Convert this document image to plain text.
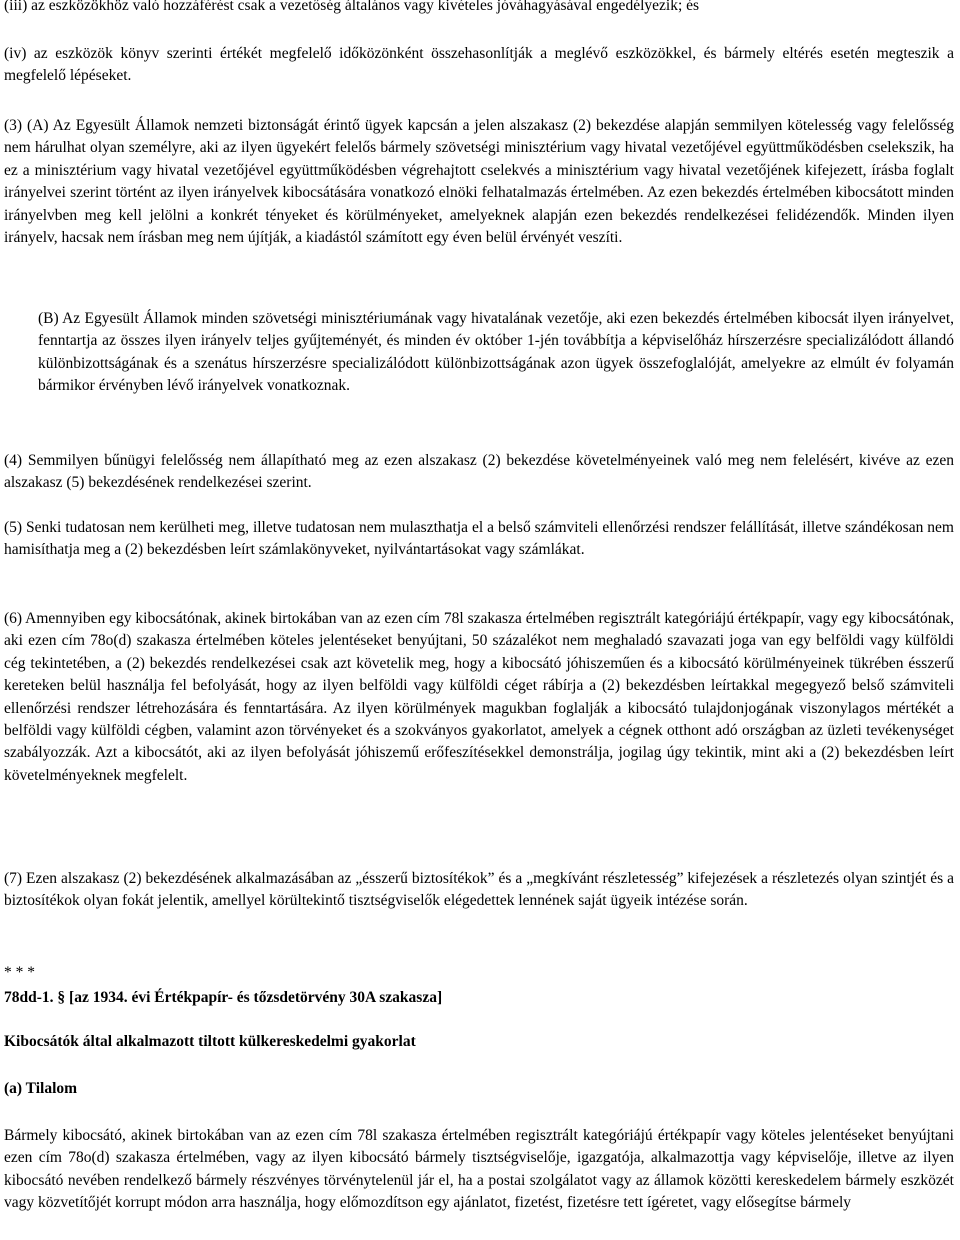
(iii) az eszközökhöz való hozzáférést csak a vezetőség általános vagy kivételes jóváhagyásával engedélyezik; és

(iv) az eszközök könyv szerinti értékét megfelelő időközönként összehasonlítják a meglévő eszközökkel, és bármely eltérés esetén megteszik a megfelelő lépéseket.

(3) (A) Az Egyesült Államok nemzeti biztonságát érintő ügyek kapcsán a jelen alszakasz (2) bekezdése alapján semmilyen kötelesség vagy felelősség nem hárulhat olyan személyre, aki az ilyen ügyekért felelős bármely szövetségi minisztérium vagy hivatal vezetőjével együttműködésben cselekszik, ha ez a minisztérium vagy hivatal vezetőjével együttműködésben végrehajtott cselekvés a minisztérium vagy hivatal vezetőjének kifejezett, írásba foglalt irányelvei szerint történt az ilyen irányelvek kibocsátására vonatkozó elnöki felhatalmazás értelmében. Az ezen bekezdés értelmében kibocsátott minden irányelvben meg kell jelölni a konkrét tényeket és körülményeket, amelyeknek alapján ezen bekezdés rendelkezései felidézendők. Minden ilyen irányelv, hacsak nem írásban meg nem újítják, a kiadástól számított egy éven belül érvényét veszíti.

(B) Az Egyesült Államok minden szövetségi minisztériumának vagy hivatalának vezetője, aki ezen bekezdés értelmében kibocsát ilyen irányelvet, fenntartja az összes ilyen irányelv teljes gyűjteményét, és minden év október 1-jén továbbítja a képviselőház hírszerzésre specializálódott állandó különbizottságának és a szenátus hírszerzésre specializálódott különbizottságának azon ügyek összefoglalóját, amelyekre az elmúlt év folyamán bármikor érvényben lévő irányelvek vonatkoznak.

(4) Semmilyen bűnügyi felelősség nem állapítható meg az ezen alszakasz (2) bekezdése követelményeinek való meg nem felelésért, kivéve az ezen alszakasz (5) bekezdésének rendelkezései szerint.

(5) Senki tudatosan nem kerülheti meg, illetve tudatosan nem mulaszthatja el a belső számviteli ellenőrzési rendszer felállítását, illetve szándékosan nem hamisíthatja meg a (2) bekezdésben leírt számlakönyveket, nyilvántartásokat vagy számlákat.

(6) Amennyiben egy kibocsátónak, akinek birtokában van az ezen cím 78l szakasza értelmében regisztrált kategóriájú értékpapír, vagy egy kibocsátónak, aki ezen cím 78o(d) szakasza értelmében köteles jelentéseket benyújtani, 50 százalékot nem meghaladó szavazati joga van egy belföldi vagy külföldi cég tekintetében, a (2) bekezdés rendelkezései csak azt követelik meg, hogy a kibocsátó jóhiszeműen és a kibocsátó körülményeinek tükrében ésszerű kereteken belül használja fel befolyását, hogy az ilyen belföldi vagy külföldi céget rábírja a (2) bekezdésben leírtakkal megegyező belső számviteli ellenőrzési rendszer létrehozására és fenntartására. Az ilyen körülmények magukban foglalják a kibocsátó tulajdonjogának viszonylagos mértékét a belföldi vagy külföldi cégben, valamint azon törvényeket és a szokványos gyakorlatot, amelyek a cégnek otthont adó országban az üzleti tevékenységet szabályozzák. Azt a kibocsátót, aki az ilyen befolyását jóhiszemű erőfeszítésekkel demonstrálja, jogilag úgy tekintik, mint aki a (2) bekezdésben leírt követelményeknek megfelelt.

(7) Ezen alszakasz (2) bekezdésének alkalmazásában az „ésszerű biztosítékok” és a „megkívánt részletesség” kifejezések a részletezés olyan szintjét és a biztosítékok olyan fokát jelentik, amellyel körültekintő tisztségviselők elégedettek lennének saját ügyeik intézése során.

* * *

78dd-1. § [az 1934. évi Értékpapír- és tőzsdetörvény 30A szakasza]

Kibocsátók által alkalmazott tiltott külkereskedelmi gyakorlat

(a) Tilalom

Bármely kibocsátó, akinek birtokában van az ezen cím 78l szakasza értelmében regisztrált kategóriájú értékpapír vagy köteles jelentéseket benyújtani ezen cím 78o(d) szakasza értelmében, vagy az ilyen kibocsátó bármely tisztségviselője, igazgatója, alkalmazottja vagy képviselője, illetve az ilyen kibocsátó nevében rendelkező bármely részvényes törvénytelenül jár el, ha a postai szolgálatot vagy az államok közötti kereskedelem bármely eszközét vagy közvetítőjét korrupt módon arra használja, hogy előmozdítson egy ajánlatot, fizetést, fizetésre tett ígéretet, vagy elősegítse bármely
